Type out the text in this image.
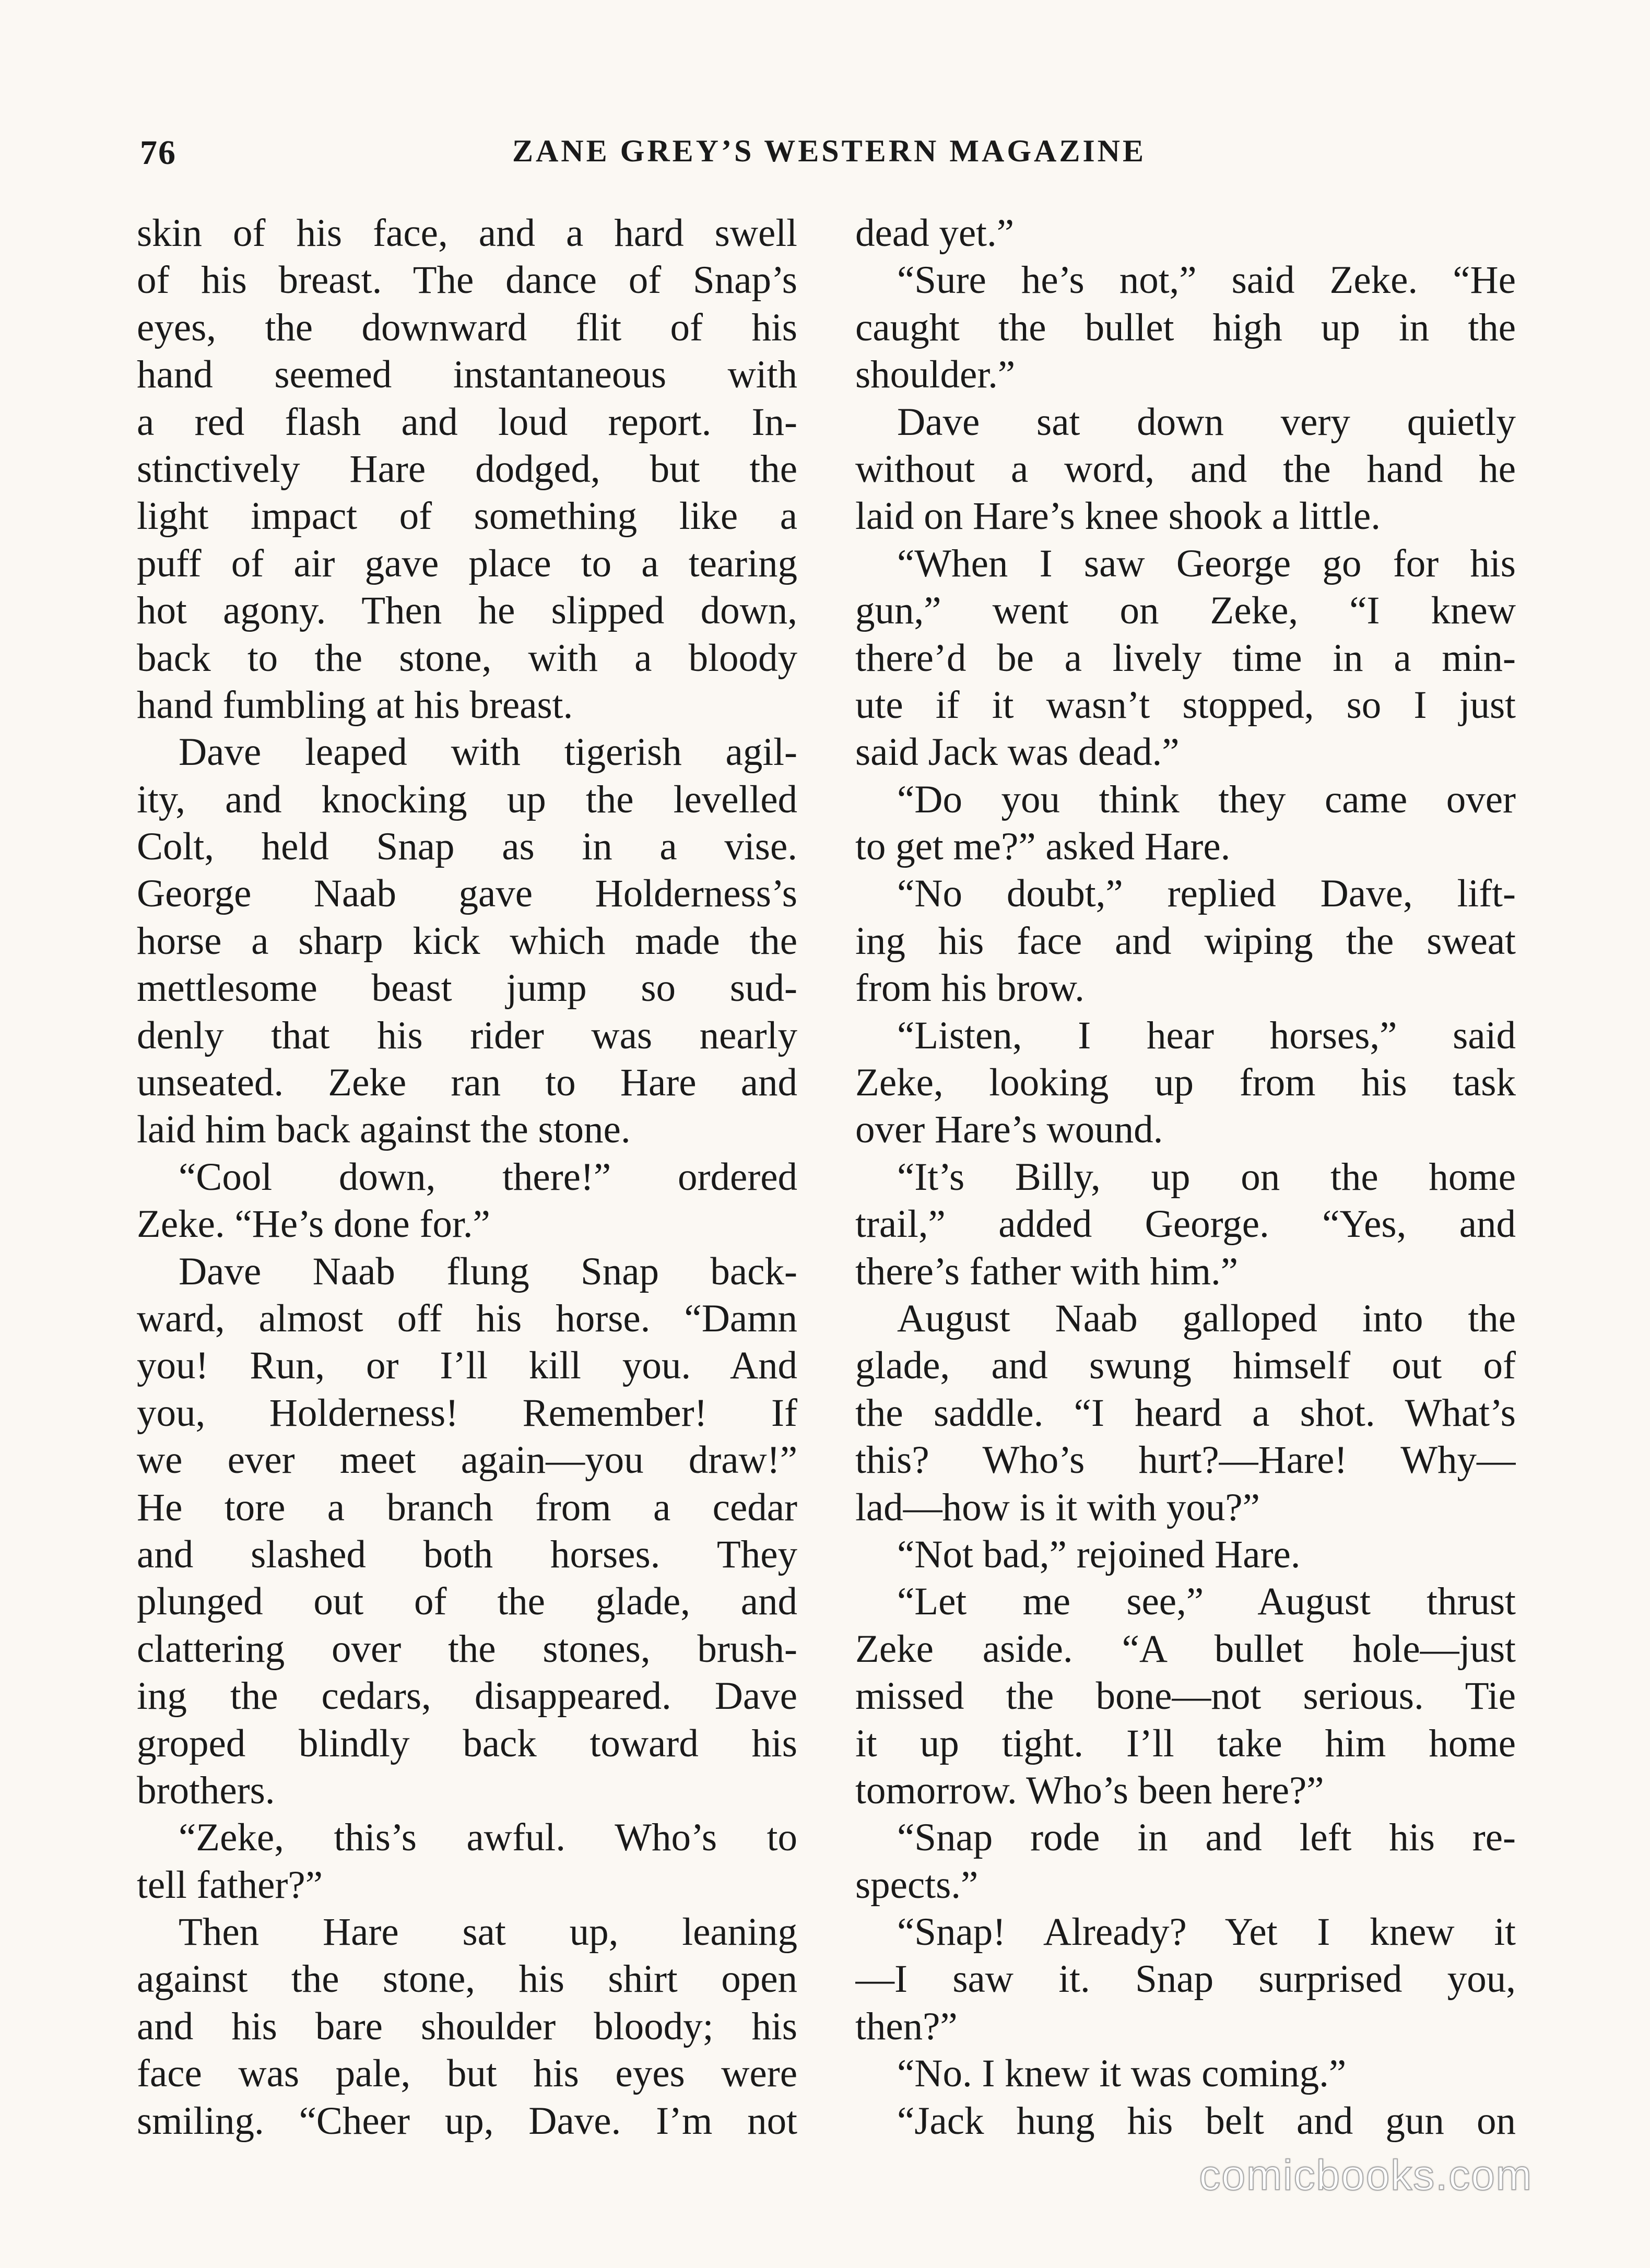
76	ZANE GREY’S WESTERN MAGAZINE
skin of his face, and a hard swell
of his breast. The dance of Snap’s
eyes, the downward flit of his
hand seemed instantaneous with
a red flash and loud report. In-
stinctively Hare dodged, but the
light impact of something like a
puff of air gave place to a tearing
hot agony. Then he slipped down,
back to the stone, with a bloody
hand fumbling at his breast.
Dave leaped with tigerish agil-
ity, and knocking up the levelled
Colt, held Snap as in a vise.
George Naab gave Holderness’s
horse a sharp kick which made the
mettlesome beast jump so sud-
denly that his rider was nearly
unseated. Zeke ran to Hare and
laid him back against the stone.
“Cool down, there!” ordered
Zeke. “He’s done for.”
Dave Naab flung Snap back-
ward, almost off his horse. “Damn
you! Run, or I’ll kill you. And
you, Holderness! Remember! If
we ever meet again—you draw!”
He tore a branch from a cedar
and slashed both horses. They
plunged out of the glade, and
clattering over the stones, brush-
ing the cedars, disappeared. Dave
groped blindly back toward his
brothers.
“Zeke, this’s awful. Who’s to
tell father?”
Then Hare sat up, leaning
against the stone, his shirt open
and his bare shoulder bloody; his
face was pale, but his eyes were
smiling. “Cheer up, Dave. I’m not
dead yet.”
“Sure he’s not,” said Zeke. “He
caught the bullet high up in the
shoulder.”
Dave sat down very quietly
without a word, and the hand he
laid on Hare’s knee shook a little.
“When I saw George go for his
gun,” went on Zeke, “I knew
there’d be a lively time in a min-
ute if it wasn’t stopped, so I just
said Jack was dead.”
“Do you think they came over
to get me?” asked Hare.
“No doubt,” replied Dave, lift-
ing his face and wiping the sweat
from his brow.
“Listen, I hear horses,” said
Zeke, looking up from his task
over Hare’s wound.
“It’s Billy, up on the home
trail,” added George. “Yes, and
there’s father with him.”
August Naab galloped into the
glade, and swung himself out of
the saddle. “I heard a shot. What’s
this? Who’s hurt?—Hare! Why—
lad—how is it with you?”
“Not bad,” rejoined Hare.
“Let me see,” August thrust
Zeke aside. “A bullet hole—just
missed the bone—not serious. Tie
it up tight. I’ll take him home
tomorrow. Who’s been here?”
“Snap rode in and left his re-
spects.”
“Snap! Already? Yet I knew it
—I saw it. Snap surprised you,
then?”
“No. I knew it was coming.”
“Jack hung his belt and gun on
comicbooks.com
